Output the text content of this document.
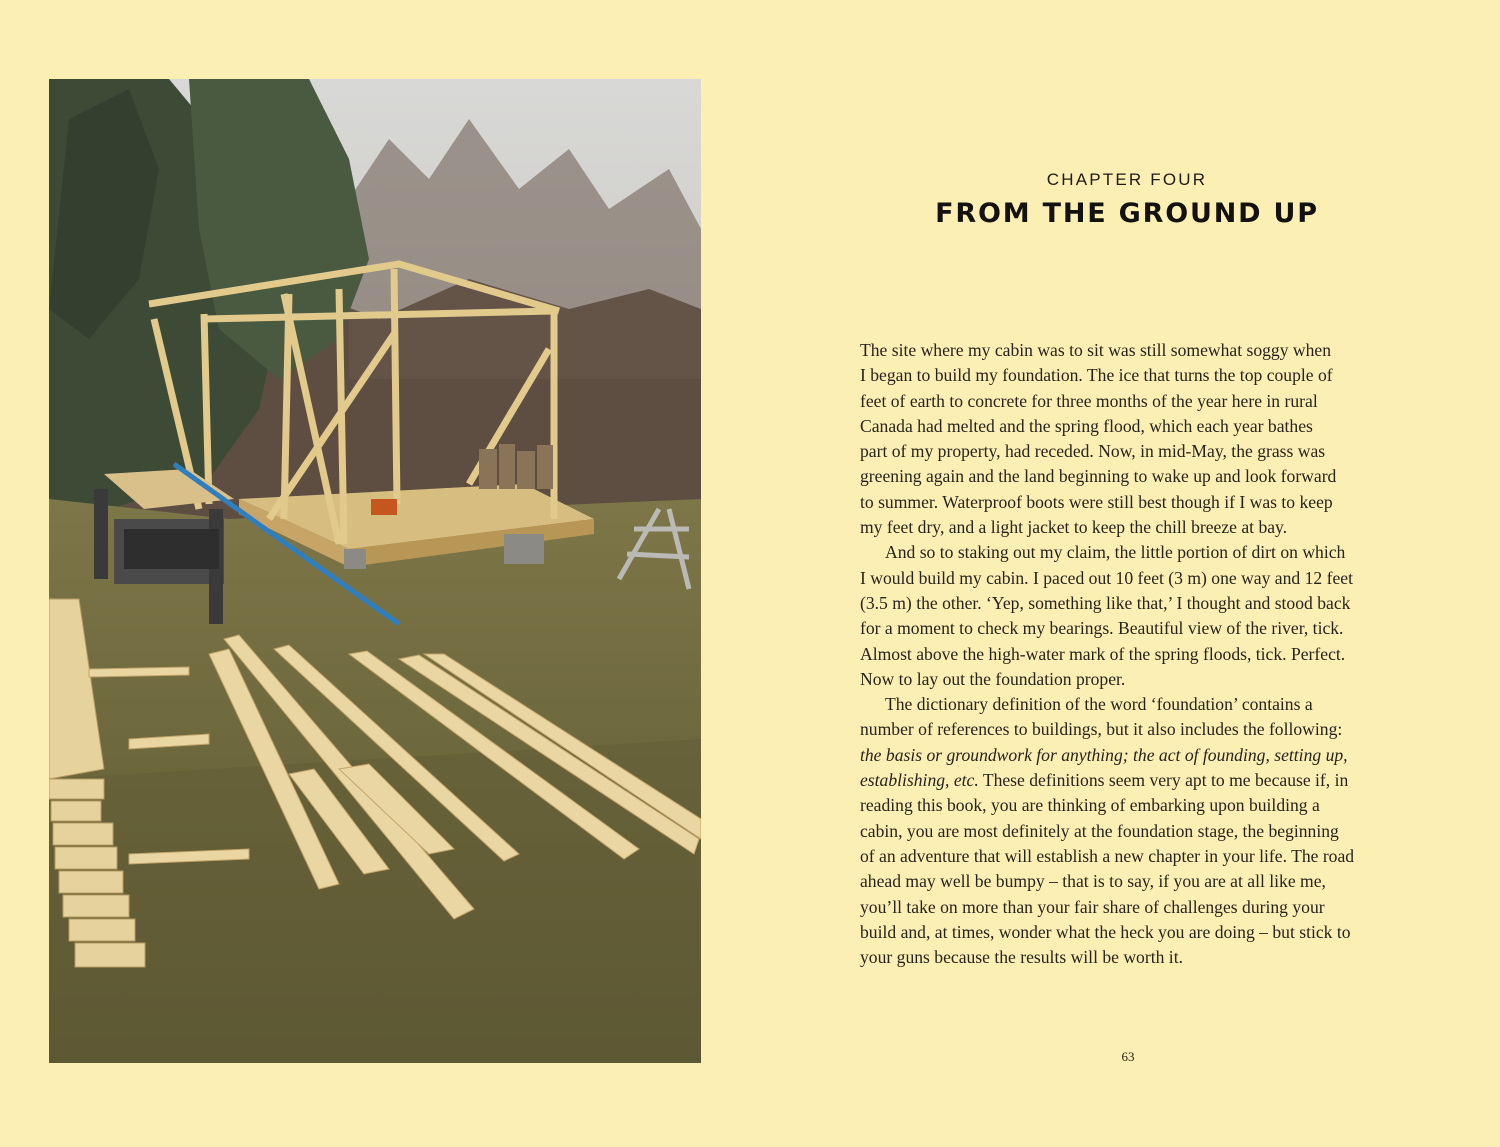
CHAPTER FOUR
FROM THE GROUND UP
The site where my cabin was to sit was still somewhat soggy when
I began to build my foundation. The ice that turns the top couple of
feet of earth to concrete for three months of the year here in rural
Canada had melted and the spring flood, which each year bathes
part of my property, had receded. Now, in mid-May, the grass was
greening again and the land beginning to wake up and look forward
to summer. Waterproof boots were still best though if I was to keep
my feet dry, and a light jacket to keep the chill breeze at bay.
And so to staking out my claim, the little portion of dirt on which
I would build my cabin. I paced out 10 feet (3 m) one way and 12 feet
(3.5 m) the other. ‘Yep, something like that,’ I thought and stood back
for a moment to check my bearings. Beautiful view of the river, tick.
Almost above the high-water mark of the spring floods, tick. Perfect.
Now to lay out the foundation proper.
The dictionary definition of the word ‘foundation’ contains a
number of references to buildings, but it also includes the following:
the basis or groundwork for anything; the act of founding, setting up,
establishing, etc. These definitions seem very apt to me because if, in
reading this book, you are thinking of embarking upon building a
cabin, you are most definitely at the foundation stage, the beginning
of an adventure that will establish a new chapter in your life. The road
ahead may well be bumpy – that is to say, if you are at all like me,
you’ll take on more than your fair share of challenges during your
build and, at times, wonder what the heck you are doing – but stick to
your guns because the results will be worth it.
63
